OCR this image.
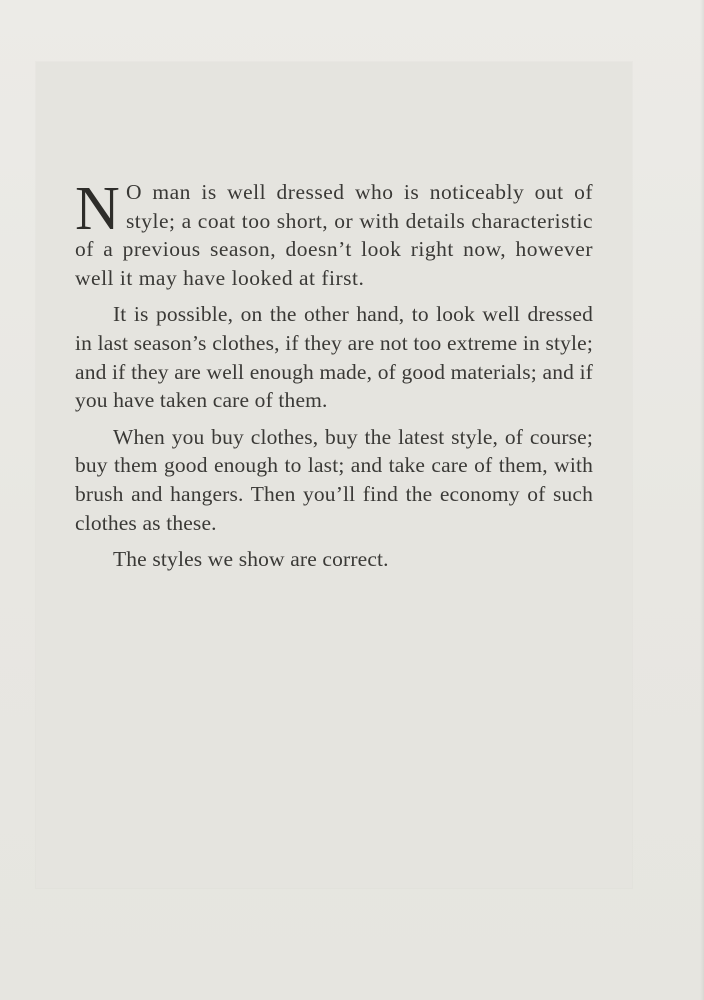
N O man is well dressed who is noticeably out of style; a coat too short, or with details characteristic of a previous season, doesn’t look right now, however well it may have looked at first.

It is possible, on the other hand, to look well dressed in last season’s clothes, if they are not too extreme in style; and if they are well enough made, of good materials; and if you have taken care of them.

When you buy clothes, buy the latest style, of course; buy them good enough to last; and take care of them, with brush and hangers. Then you’ll find the economy of such clothes as these.

The styles we show are correct.
